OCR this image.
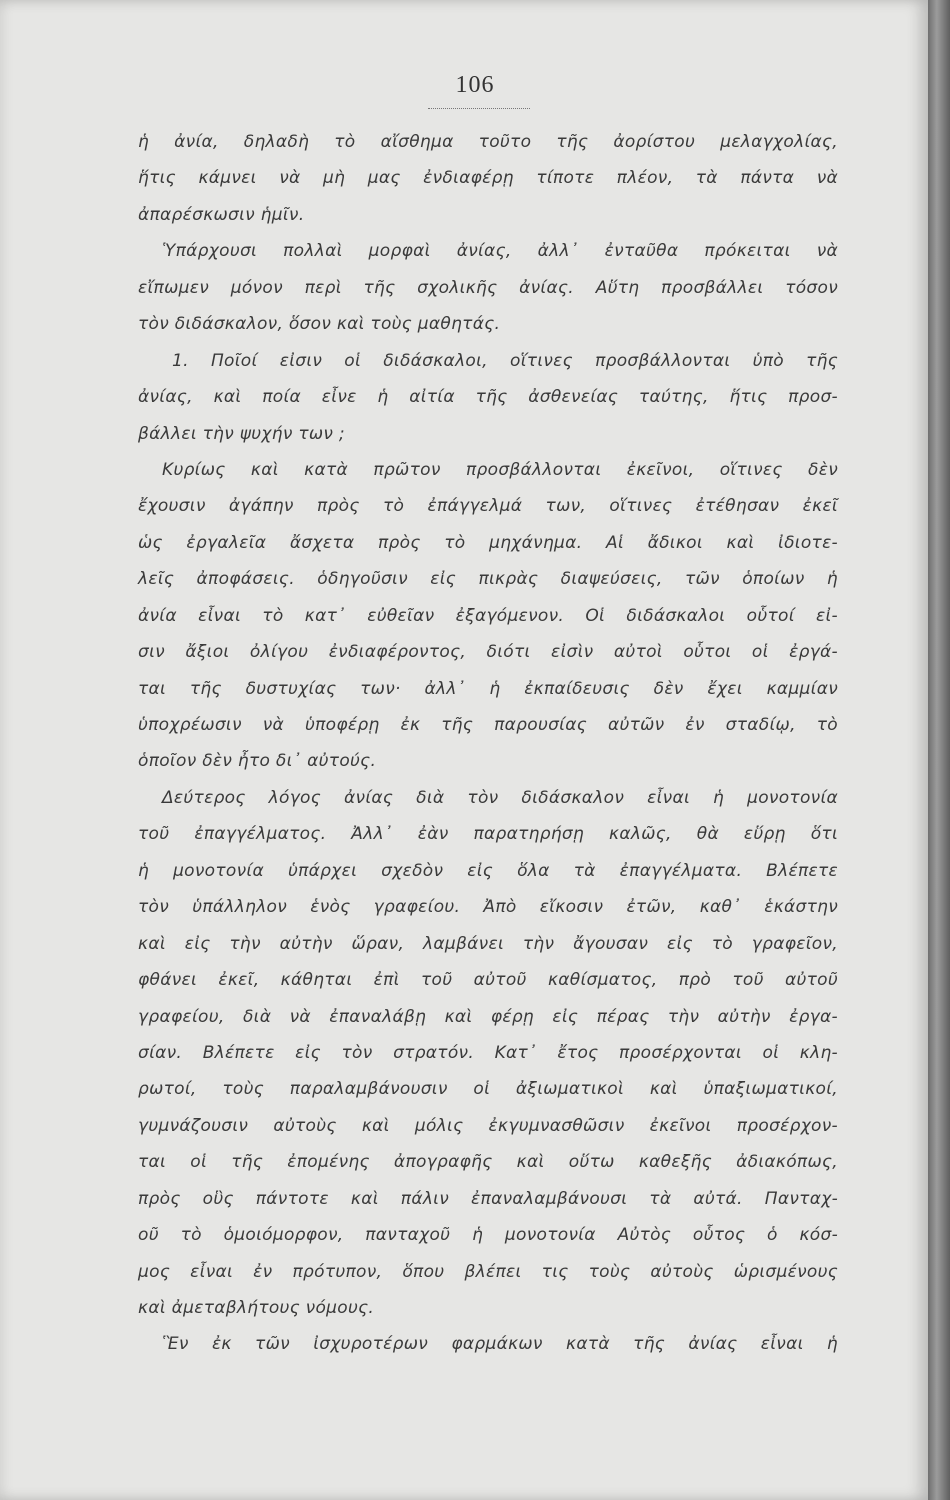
106
ἡ ἀνία, δηλαδὴ τὸ αἴσθημα τοῦτο τῆς ἀορίστου μελαγχολίας,
ἥτις κάμνει νὰ μὴ μας ἐνδιαφέρῃ τίποτε πλέον, τὰ πάντα νὰ
ἀπαρέσκωσιν ἡμῖν.
Ὑπάρχουσι πολλαὶ μορφαὶ ἀνίας, ἀλλ᾿ ἐνταῦθα πρόκειται νὰ
εἴπωμεν μόνον περὶ τῆς σχολικῆς ἀνίας. Αὕτη προσβάλλει τόσον
τὸν διδάσκαλον, ὅσον καὶ τοὺς μαθητάς.
1. Ποῖοί εἰσιν οἱ διδάσκαλοι, οἵτινες προσβάλλονται ὑπὸ τῆς
ἀνίας, καὶ ποία εἶνε ἡ αἰτία τῆς ἀσθενείας ταύτης, ἥτις προσ-
βάλλει τὴν ψυχήν των ;
Κυρίως καὶ κατὰ πρῶτον προσβάλλονται ἐκεῖνοι, οἵτινες δὲν
ἔχουσιν ἀγάπην πρὸς τὸ ἐπάγγελμά των, οἵτινες ἐτέθησαν ἐκεῖ
ὡς ἐργαλεῖα ἄσχετα πρὸς τὸ μηχάνημα. Αἱ ἄδικοι καὶ ἰδιοτε-
λεῖς ἀποφάσεις. ὁδηγοῦσιν εἰς πικρὰς διαψεύσεις, τῶν ὁποίων ἡ
ἀνία εἶναι τὸ κατ᾿ εὐθεῖαν ἐξαγόμενον. Οἱ διδάσκαλοι οὗτοί εἰ-
σιν ἄξιοι ὀλίγου ἐνδιαφέροντος, διότι εἰσὶν αὐτοὶ οὗτοι οἱ ἐργά-
ται τῆς δυστυχίας των· ἀλλ᾿ ἡ ἐκπαίδευσις δὲν ἔχει καμμίαν
ὑποχρέωσιν νὰ ὑποφέρῃ ἐκ τῆς παρουσίας αὐτῶν ἐν σταδίῳ, τὸ
ὁποῖον δὲν ἦτο δι᾿ αὐτούς.
Δεύτερος λόγος ἀνίας διὰ τὸν διδάσκαλον εἶναι ἡ μονοτονία
τοῦ ἐπαγγέλματος. Ἀλλ᾿ ἐὰν παρατηρήσῃ καλῶς, θὰ εὕρῃ ὅτι
ἡ μονοτονία ὑπάρχει σχεδὸν εἰς ὅλα τὰ ἐπαγγέλματα. Βλέπετε
τὸν ὑπάλληλον ἑνὸς γραφείου. Ἀπὸ εἴκοσιν ἐτῶν, καθ᾿ ἑκάστην
καὶ εἰς τὴν αὐτὴν ὥραν, λαμβάνει τὴν ἄγουσαν εἰς τὸ γραφεῖον,
φθάνει ἐκεῖ, κάθηται ἐπὶ τοῦ αὐτοῦ καθίσματος, πρὸ τοῦ αὐτοῦ
γραφείου, διὰ νὰ ἐπαναλάβῃ καὶ φέρῃ εἰς πέρας τὴν αὐτὴν ἐργα-
σίαν. Βλέπετε εἰς τὸν στρατόν. Κατ᾿ ἔτος προσέρχονται οἱ κλη-
ρωτοί, τοὺς παραλαμβάνουσιν οἱ ἀξιωματικοὶ καὶ ὑπαξιωματικοί,
γυμνάζουσιν αὐτοὺς καὶ μόλις ἐκγυμνασθῶσιν ἐκεῖνοι προσέρχον-
ται οἱ τῆς ἐπομένης ἀπογραφῆς καὶ οὕτω καθεξῆς ἀδιακόπως,
πρὸς οὓς πάντοτε καὶ πάλιν ἐπαναλαμβάνουσι τὰ αὐτά. Πανταχ-
οῦ τὸ ὁμοιόμορφον, πανταχοῦ ἡ μονοτονία Αὐτὸς οὗτος ὁ κόσ-
μος εἶναι ἐν πρότυπον, ὅπου βλέπει τις τοὺς αὐτοὺς ὡρισμένους
καὶ ἀμεταβλήτους νόμους.
Ἓν ἐκ τῶν ἰσχυροτέρων φαρμάκων κατὰ τῆς ἀνίας εἶναι ἡ
